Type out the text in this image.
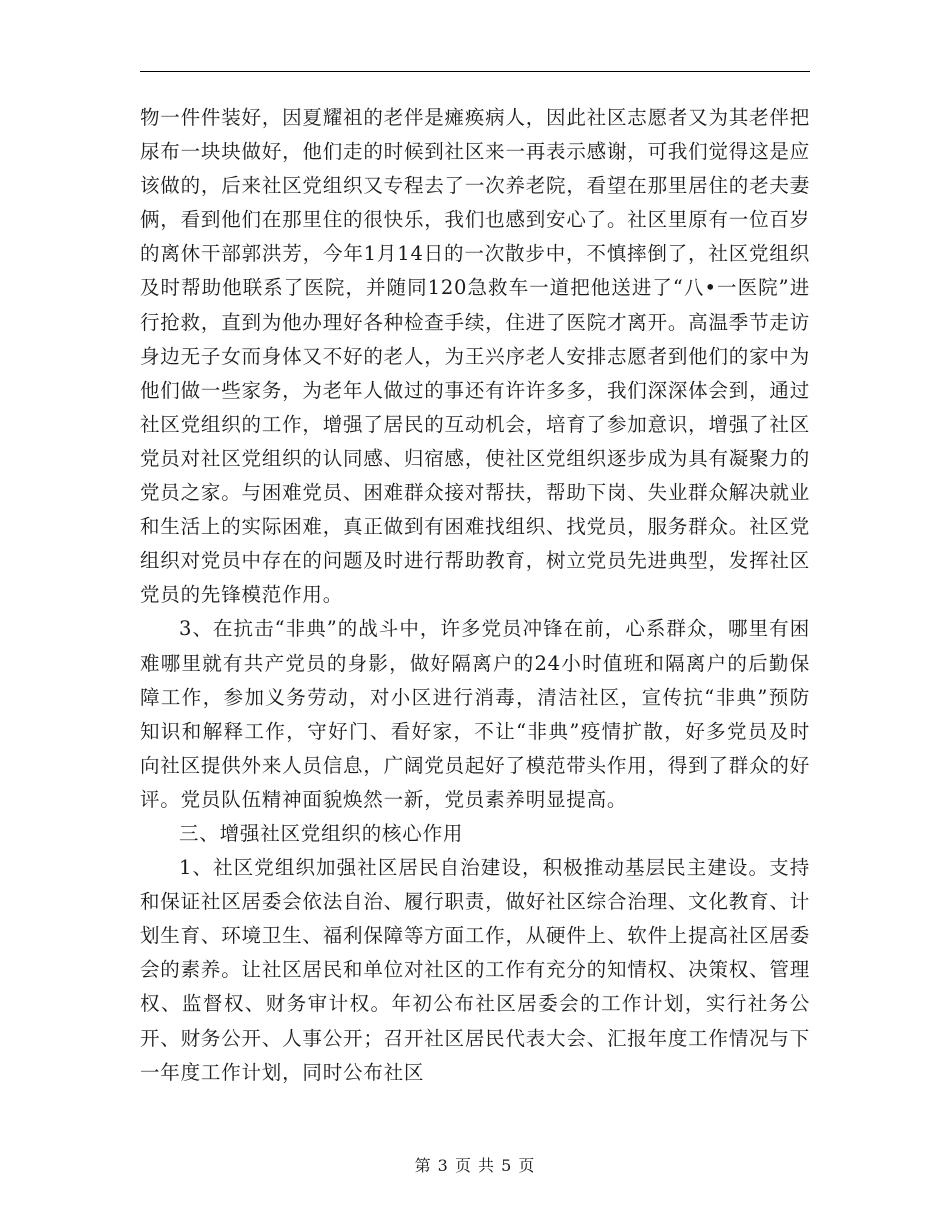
物一件件装好，因夏耀祖的老伴是瘫痪病人，因此社区志愿者又为其老伴把尿布一块块做好，他们走的时候到社区来一再表示感谢，可我们觉得这是应该做的，后来社区党组织又专程去了一次养老院，看望在那里居住的老夫妻俩，看到他们在那里住的很快乐，我们也感到安心了。社区里原有一位百岁的离休干部郭洪芳，今年1月14日的一次散步中，不慎摔倒了，社区党组织及时帮助他联系了医院，并随同120急救车一道把他送进了“八•一医院”进行抢救，直到为他办理好各种检查手续，住进了医院才离开。高温季节走访身边无子女而身体又不好的老人，为王兴序老人安排志愿者到他们的家中为他们做一些家务，为老年人做过的事还有许许多多，我们深深体会到，通过社区党组织的工作，增强了居民的互动机会，培育了参加意识，增强了社区党员对社区党组织的认同感、归宿感，使社区党组织逐步成为具有凝聚力的党员之家。与困难党员、困难群众接对帮扶，帮助下岗、失业群众解决就业和生活上的实际困难，真正做到有困难找组织、找党员，服务群众。社区党组织对党员中存在的问题及时进行帮助教育，树立党员先进典型，发挥社区党员的先锋模范作用。

3、在抗击“非典”的战斗中，许多党员冲锋在前，心系群众，哪里有困难哪里就有共产党员的身影，做好隔离户的24小时值班和隔离户的后勤保障工作，参加义务劳动，对小区进行消毒，清洁社区，宣传抗“非典”预防知识和解释工作，守好门、看好家，不让“非典”疫情扩散，好多党员及时向社区提供外来人员信息，广阔党员起好了模范带头作用，得到了群众的好评。党员队伍精神面貌焕然一新，党员素养明显提高。

三、增强社区党组织的核心作用

1、社区党组织加强社区居民自治建设，积极推动基层民主建设。支持和保证社区居委会依法自治、履行职责，做好社区综合治理、文化教育、计划生育、环境卫生、福利保障等方面工作，从硬件上、软件上提高社区居委会的素养。让社区居民和单位对社区的工作有充分的知情权、决策权、管理权、监督权、财务审计权。年初公布社区居委会的工作计划，实行社务公开、财务公开、人事公开；召开社区居民代表大会、汇报年度工作情况与下一年度工作计划，同时公布社区

第 3 页 共 5 页
